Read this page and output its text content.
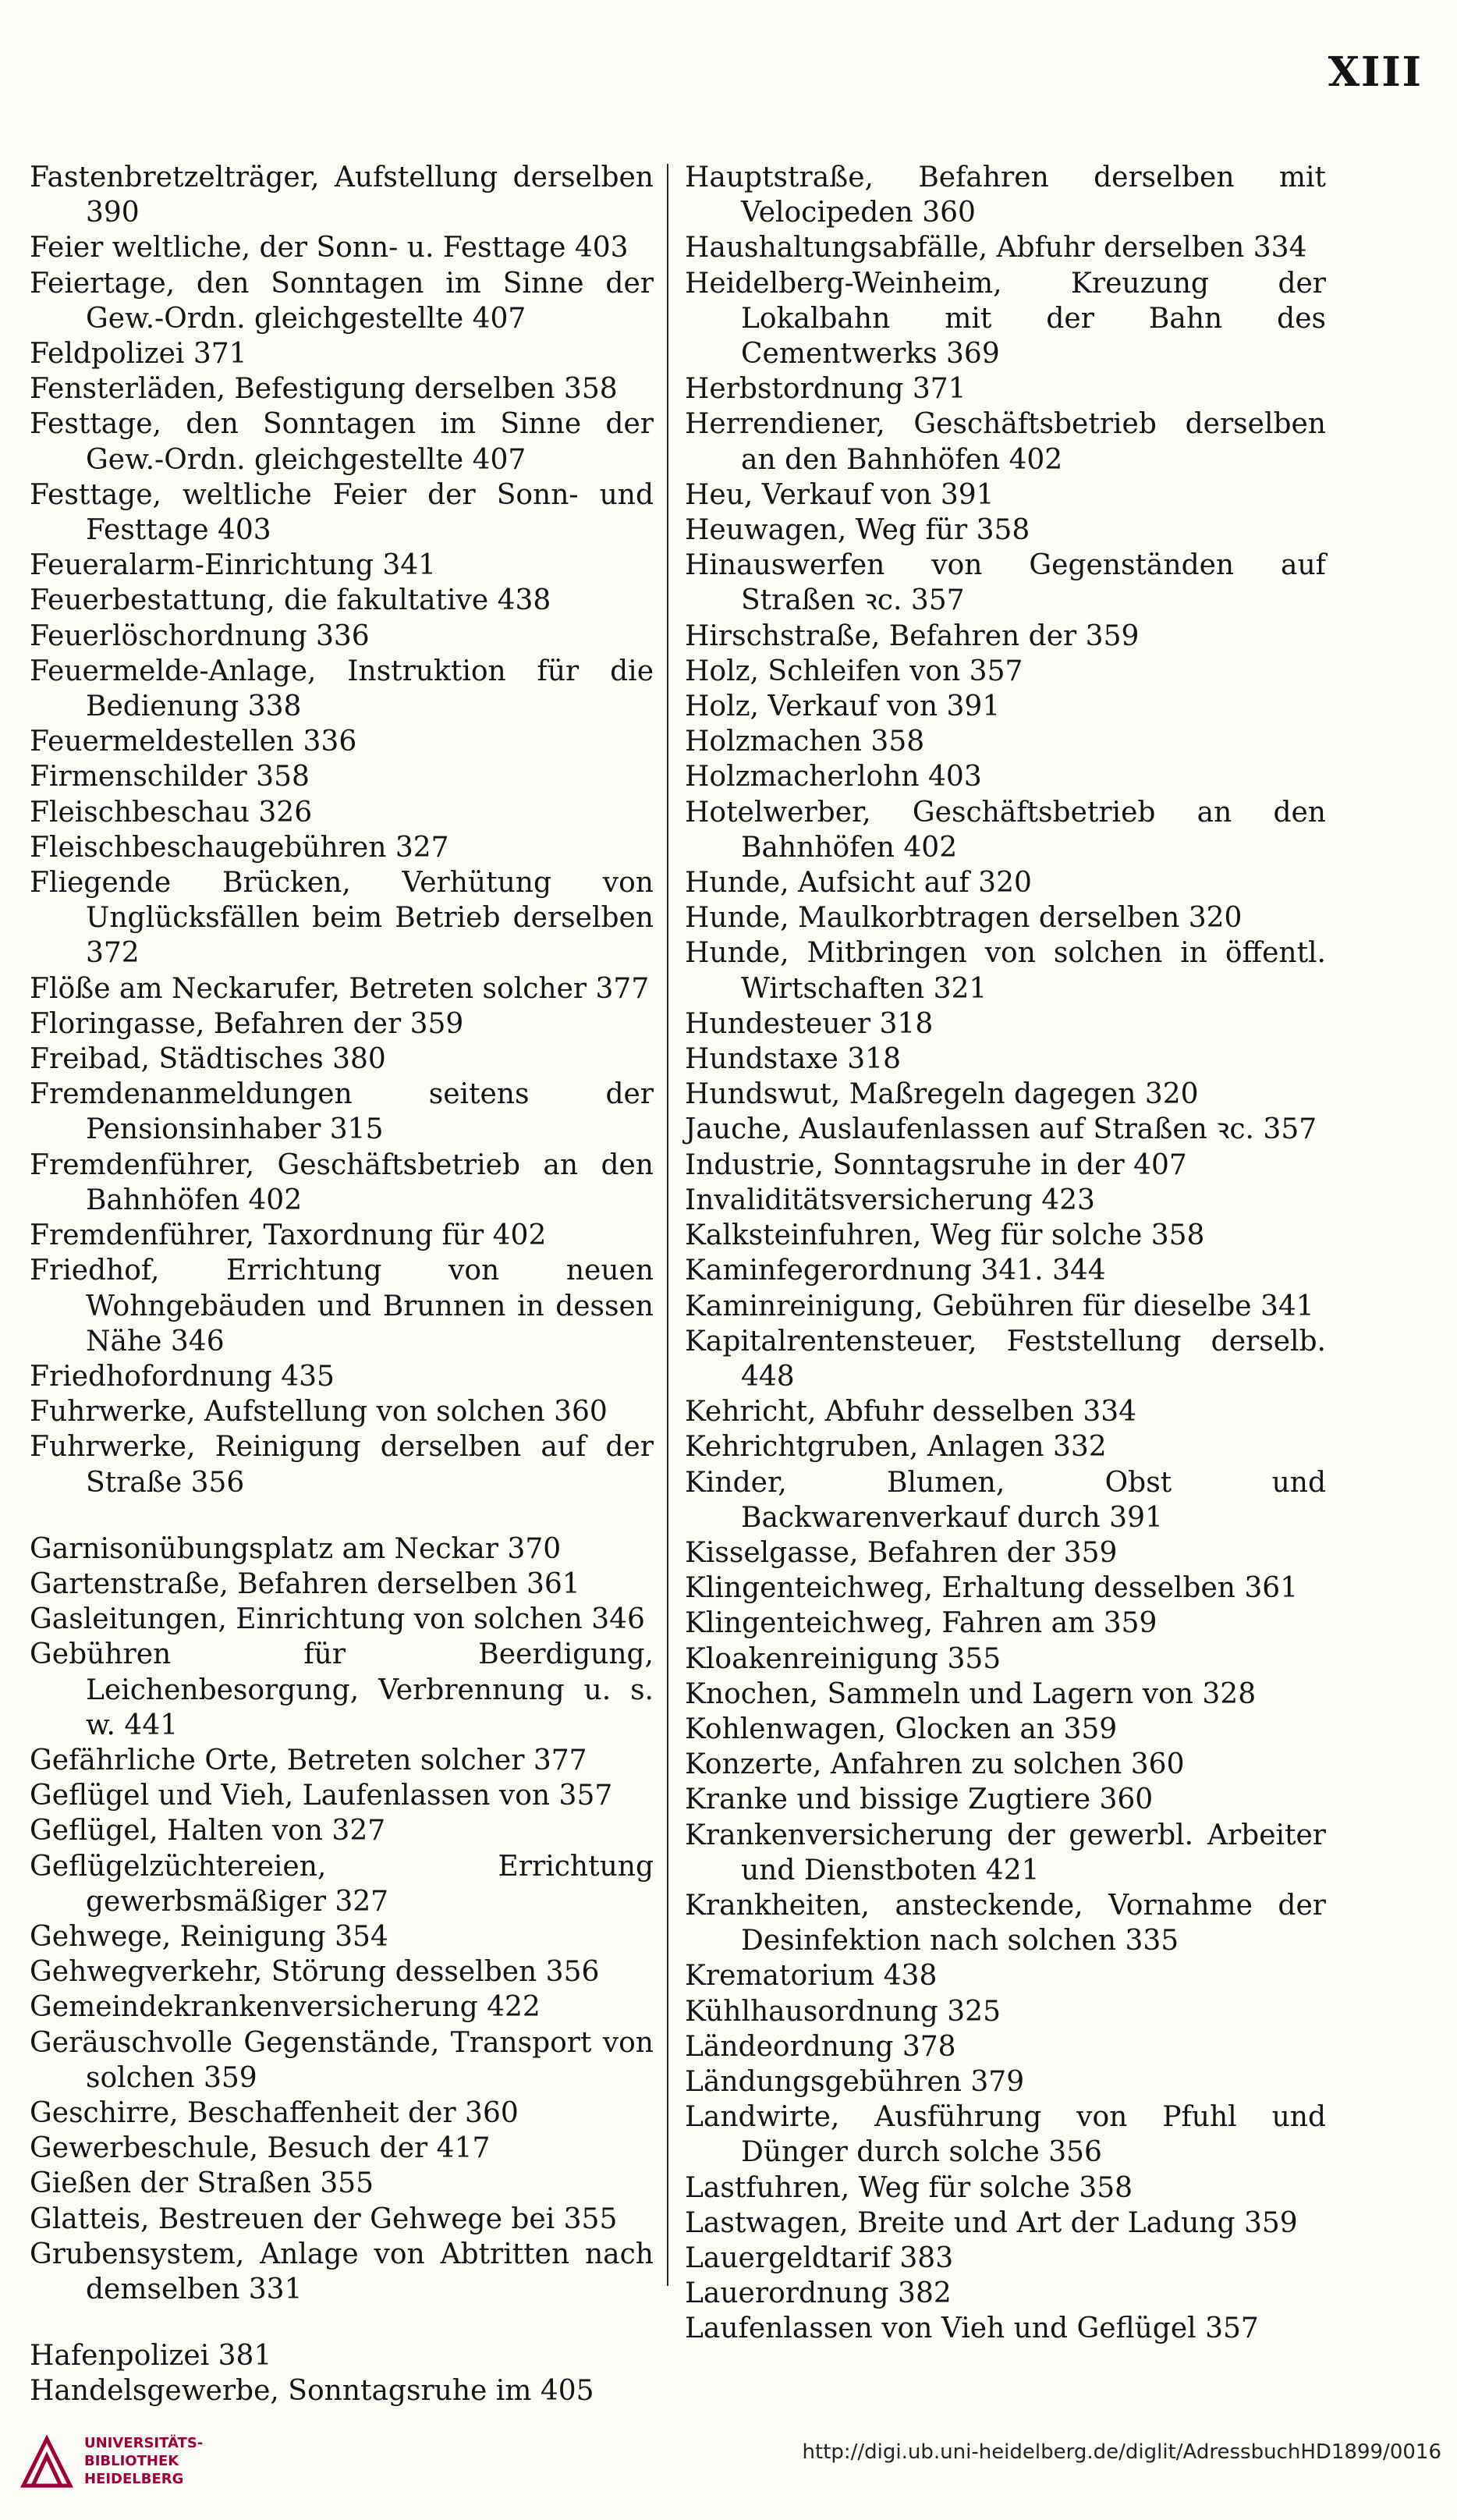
XIII
Fastenbretzelträger, Aufstellung derselben 390
Feier weltliche, der Sonn- u. Festtage 403
Feiertage, den Sonntagen im Sinne der Gew.-Ordn. gleichgestellte 407
Feldpolizei 371
Fensterläden, Befestigung derselben 358
Festtage, den Sonntagen im Sinne der Gew.-Ordn. gleichgestellte 407
Festtage, weltliche Feier der Sonn- und Festtage 403
Feueralarm-Einrichtung 341
Feuerbestattung, die fakultative 438
Feuerlöschordnung 336
Feuermelde-Anlage, Instruktion für die Bedienung 338
Feuermeldestellen 336
Firmenschilder 358
Fleischbeschau 326
Fleischbeschaugebühren 327
Fliegende Brücken, Verhütung von Unglücksfällen beim Betrieb derselben 372
Flöße am Neckarufer, Betreten solcher 377
Floringasse, Befahren der 359
Freibad, Städtisches 380
Fremdenanmeldungen seitens der Pensionsinhaber 315
Fremdenführer, Geschäftsbetrieb an den Bahnhöfen 402
Fremdenführer, Taxordnung für 402
Friedhof, Errichtung von neuen Wohngebäuden und Brunnen in dessen Nähe 346
Friedhofordnung 435
Fuhrwerke, Aufstellung von solchen 360
Fuhrwerke, Reinigung derselben auf der Straße 356
Garnisonübungsplatz am Neckar 370
Gartenstraße, Befahren derselben 361
Gasleitungen, Einrichtung von solchen 346
Gebühren für Beerdigung, Leichenbesorgung, Verbrennung u. s. w. 441
Gefährliche Orte, Betreten solcher 377
Geflügel und Vieh, Laufenlassen von 357
Geflügel, Halten von 327
Geflügelzüchtereien, Errichtung gewerbsmäßiger 327
Gehwege, Reinigung 354
Gehwegverkehr, Störung desselben 356
Gemeindekrankenversicherung 422
Geräuschvolle Gegenstände, Transport von solchen 359
Geschirre, Beschaffenheit der 360
Gewerbeschule, Besuch der 417
Gießen der Straßen 355
Glatteis, Bestreuen der Gehwege bei 355
Grubensystem, Anlage von Abtritten nach demselben 331
Hafenpolizei 381
Handelsgewerbe, Sonntagsruhe im 405
Hauptstraße, Befahren derselben mit Velocipeden 360
Haushaltungsabfälle, Abfuhr derselben 334
Heidelberg-Weinheim, Kreuzung der Lokalbahn mit der Bahn des Cementwerks 369
Herbstordnung 371
Herrendiener, Geschäftsbetrieb derselben an den Bahnhöfen 402
Heu, Verkauf von 391
Heuwagen, Weg für 358
Hinauswerfen von Gegenständen auf Straßen ꝛc. 357
Hirschstraße, Befahren der 359
Holz, Schleifen von 357
Holz, Verkauf von 391
Holzmachen 358
Holzmacherlohn 403
Hotelwerber, Geschäftsbetrieb an den Bahnhöfen 402
Hunde, Aufsicht auf 320
Hunde, Maulkorbtragen derselben 320
Hunde, Mitbringen von solchen in öffentl. Wirtschaften 321
Hundesteuer 318
Hundstaxe 318
Hundswut, Maßregeln dagegen 320
Jauche, Auslaufenlassen auf Straßen ꝛc. 357
Industrie, Sonntagsruhe in der 407
Invaliditätsversicherung 423
Kalksteinfuhren, Weg für solche 358
Kaminfegerordnung 341. 344
Kaminreinigung, Gebühren für dieselbe 341
Kapitalrentensteuer, Feststellung derselb. 448
Kehricht, Abfuhr desselben 334
Kehrichtgruben, Anlagen 332
Kinder, Blumen, Obst und Backwarenverkauf durch 391
Kisselgasse, Befahren der 359
Klingenteichweg, Erhaltung desselben 361
Klingenteichweg, Fahren am 359
Kloakenreinigung 355
Knochen, Sammeln und Lagern von 328
Kohlenwagen, Glocken an 359
Konzerte, Anfahren zu solchen 360
Kranke und bissige Zugtiere 360
Krankenversicherung der gewerbl. Arbeiter und Dienstboten 421
Krankheiten, ansteckende, Vornahme der Desinfektion nach solchen 335
Krematorium 438
Kühlhausordnung 325
Ländeordnung 378
Ländungsgebühren 379
Landwirte, Ausführung von Pfuhl und Dünger durch solche 356
Lastfuhren, Weg für solche 358
Lastwagen, Breite und Art der Ladung 359
Lauergeldtarif 383
Lauerordnung 382
Laufenlassen von Vieh und Geflügel 357
UNIVERSITÄTS-
BIBLIOTHEK
HEIDELBERG
http://digi.ub.uni-heidelberg.de/diglit/AdressbuchHD1899/0016
